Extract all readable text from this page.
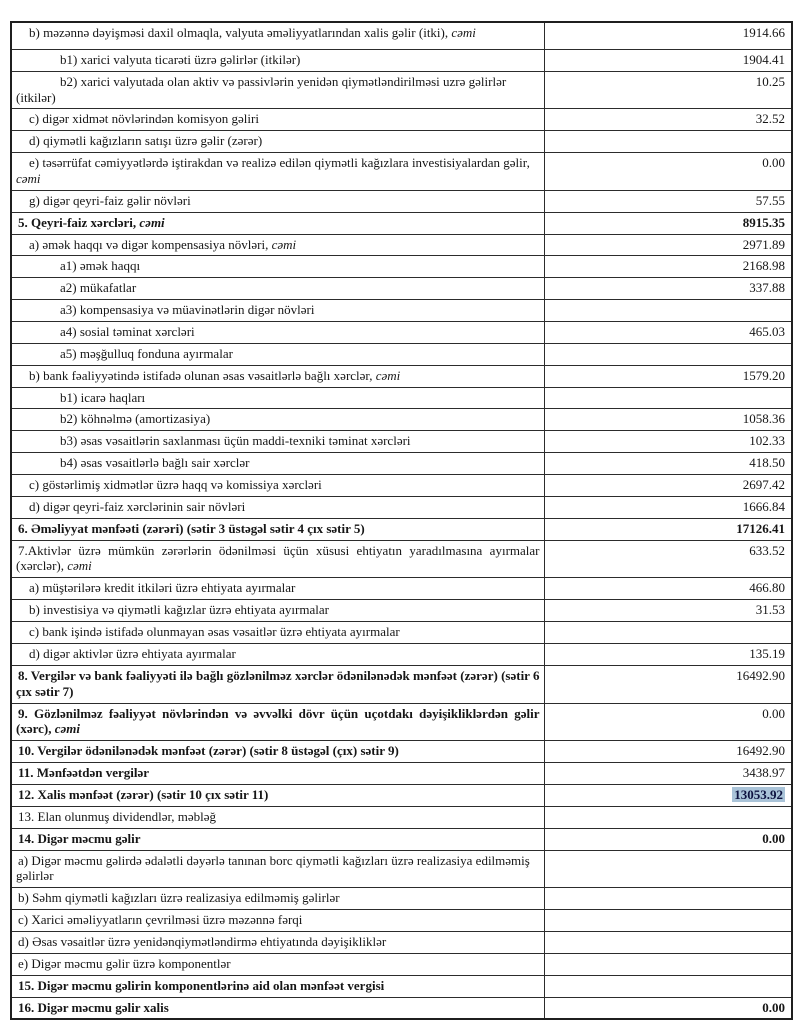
b) məzənnə dəyişməsi daxil olmaqla, valyuta əməliyyatlarından xalis gəlir (itki), cəmi	1914.66
b1) xarici valyuta ticarəti üzrə gəlirlər (itkilər)	1904.41
b2) xarici valyutada olan aktiv və passivlərin yenidən qiymətləndirilməsi uzrə gəlirlər (itkilər)	10.25
c) digər xidmət növlərindən komisyon gəliri	32.52
d) qiymətli kağızların satışı üzrə gəlir (zərər)	
e) təsərrüfat cəmiyyətlərdə iştirakdan və realizə edilən qiymətli kağızlara investisiyalardan gəlir, cəmi	0.00
g) digər qeyri-faiz gəlir növləri	57.55
5. Qeyri-faiz xərcləri, cəmi	8915.35
a) əmək haqqı və digər kompensasiya növləri, cəmi	2971.89
a1) əmək haqqı	2168.98
a2) mükafatlar	337.88
a3) kompensasiya və müavinətlərin digər növləri	
a4) sosial təminat xərcləri	465.03
a5) məşğulluq fonduna ayırmalar	
b) bank fəaliyyətində istifadə olunan əsas vəsaitlərlə bağlı xərclər, cəmi	1579.20
b1) icarə haqları	
b2) köhnəlmə (amortizasiya)	1058.36
b3) əsas vəsaitlərin saxlanması üçün maddi-texniki təminat xərcləri	102.33
b4) əsas vəsaitlərlə bağlı sair xərclər	418.50
c) göstərlimiş xidmətlər üzrə haqq və komissiya xərcləri	2697.42
d) digər qeyri-faiz xərclərinin sair növləri	1666.84
6. Əməliyyat mənfəəti (zərəri) (sətir 3 üstəgəl sətir 4 çıx sətir 5)	17126.41
7.Aktivlər üzrə mümkün zərərlərin ödənilməsi üçün xüsusi ehtiyatın yaradılmasına ayırmalar (xərclər), cəmi	633.52
a) müştərilərə kredit itkiləri üzrə ehtiyata ayırmalar	466.80
b) investisiya və qiymətli kağızlar üzrə ehtiyata ayırmalar	31.53
c) bank işində istifadə olunmayan əsas vəsaitlər üzrə ehtiyata ayırmalar	
d) digər aktivlər üzrə ehtiyata ayırmalar	135.19
8. Vergilər və bank fəaliyyəti ilə bağlı gözlənilməz xərclər ödənilənədək mənfəət (zərər) (sətir 6 çıx sətir 7)	16492.90
9. Gözlənilməz fəaliyyət növlərindən və əvvəlki dövr üçün uçotdakı dəyişikliklərdən gəlir (xərc), cəmi	0.00
10. Vergilər ödənilənədək mənfəət (zərər) (sətir 8 üstəgəl (çıx) sətir 9)	16492.90
11. Mənfəətdən vergilər	3438.97
12. Xalis mənfəət (zərər) (sətir 10 çıx sətir 11)	13053.92
13. Elan olunmuş dividendlər, məbləğ	
14. Digər məcmu gəlir	0.00
a) Digər məcmu gəlirdə ədalətli dəyərlə tanınan borc qiymətli kağızları üzrə realizasiya edilməmiş gəlirlər	
b) Səhm qiymətli kağızları üzrə realizasiya edilməmiş gəlirlər	
c) Xarici əməliyyatların çevrilməsi üzrə məzənnə fərqi	
d) Əsas vəsaitlər üzrə yenidənqiymətləndirmə ehtiyatında dəyişikliklər	
e) Digər məcmu gəlir üzrə komponentlər	
15. Digər məcmu gəlirin komponentlərinə aid olan mənfəət vergisi	
16. Digər məcmu gəlir xalis	0.00
